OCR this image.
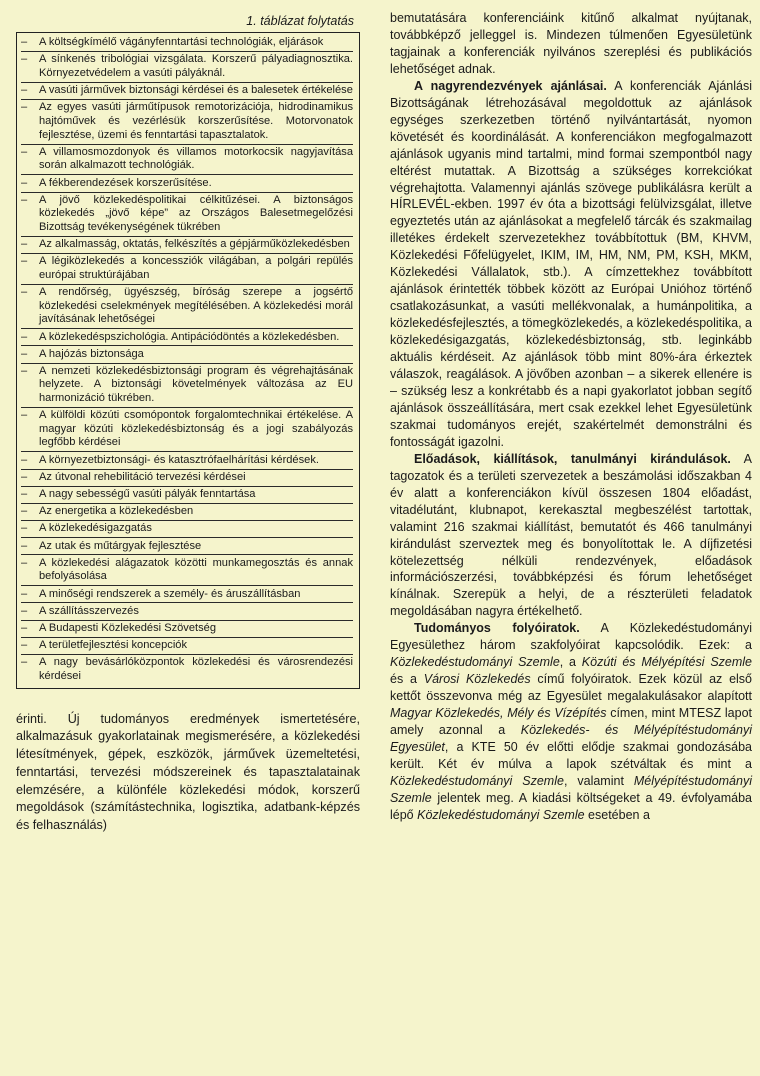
1. táblázat folytatás
–	A költségkímélő vágányfenntartási technológiák, eljárások
–	A sínkenés tribológiai vizsgálata. Korszerű pályadiagnosztika. Környezetvédelem a vasúti pályáknál.
–	A vasúti járművek biztonsági kérdései és a balesetek értékelése
–	Az egyes vasúti járműtípusok remotorizációja, hidrodinamikus hajtóművek és vezérlésük korszerűsítése. Motorvonatok fejlesztése, üzemi és fenntartási tapasztalatok.
–	A villamosmozdonyok és villamos motorkocsik nagyjavítása során alkalmazott technológiák.
–	A fékberendezések korszerűsítése.
–	A jövő közlekedéspolitikai célkitűzései. A biztonságos közlekedés „jövő képe” az Országos Balesetmegelőzési Bizottság tevékenységének tükrében
–	Az alkalmasság, oktatás, felkészítés a gépjárműközlekedésben
–	A légiközlekedés a koncessziók világában, a polgári repülés európai struktúrájában
–	A rendőrség, ügyészség, bíróság szerepe a jogsértő közlekedési cselekmények megítélésében. A közlekedési morál javításának lehetőségei
–	A közlekedéspszichológia. Antipációdöntés a közlekedésben.
–	A hajózás biztonsága
–	A nemzeti közlekedésbiztonsági program és végrehajtásának helyzete. A biztonsági követelmények változása az EU harmonizáció tükrében.
–	A külföldi közúti csomópontok forgalomtechnikai értékelése. A magyar közúti közlekedésbiztonság és a jogi szabályozás legfőbb kérdései
–	A környezetbiztonsági- és katasztrófaelhárítási kérdések.
–	Az útvonal rehebilitáció tervezési kérdései
–	A nagy sebességű vasúti pályák fenntartása
–	Az energetika a közlekedésben
–	A közlekedésigazgatás
–	Az utak és műtárgyak fejlesztése
–	A közlekedési alágazatok közötti munkamegosztás és annak befolyásolása
–	A minőségi rendszerek a személy- és áruszállításban
–	A szállításszervezés
–	A Budapesti Közlekedési Szövetség
–	A területfejlesztési koncepciók
–	A nagy bevásárlóközpontok közlekedési és városrendezési kérdései
érinti. Új tudományos eredmények ismertetésére, alkalmazásuk gyakorlatainak megismerésére, a közlekedési létesítmények, gépek, eszközök, járművek üzemeltetési, fenntartási, tervezési módszereinek és tapasztalatainak elemzésére, a különféle közlekedési módok, korszerű megoldások (számítástechnika, logisztika, adatbank-képzés és felhasználás)

bemutatására konferenciáink kitűnő alkalmat nyújtanak, továbbképző jelleggel is. Mindezen túlmenően Egyesületünk tagjainak a konferenciák nyilvános szereplési és publikációs lehetőséget adnak.

A nagyrendezvények ajánlásai. A konferenciák Ajánlási Bizottságának létrehozásával megoldottuk az ajánlások egységes szerkezetben történő nyilvántartását, nyomon követését és koordinálását. A konferenciákon megfogalmazott ajánlások ugyanis mind tartalmi, mind formai szempontból nagy eltérést mutattak. A Bizottság a szükséges korrekciókat végrehajtotta. Valamennyi ajánlás szövege publikálásra került a HÍRLEVÉL-ekben. 1997 év óta a bizottsági felülvizsgálat, illetve egyeztetés után az ajánlásokat a megfelelő tárcák és szakmailag illetékes érdekelt szervezetekhez továbbítottuk (BM, KHVM, Közlekedési Főfelügyelet, IKIM, IM, HM, NM, PM, KSH, MKM, Közlekedési Vállalatok, stb.). A címzettekhez továbbított ajánlások érintették többek között az Európai Unióhoz történő csatlakozásunkat, a vasúti mellékvonalak, a humánpolitika, a közlekedésfejlesztés, a tömegközlekedés, a közlekedéspolitika, a közlekedésigazgatás, közlekedésbiztonság, stb. leginkább aktuális kérdéseit. Az ajánlások több mint 80%-ára érkeztek válaszok, reagálások. A jövőben azonban – a sikerek ellenére is – szükség lesz a konkrétabb és a napi gyakorlatot jobban segítő ajánlások összeállítására, mert csak ezekkel lehet Egyesületünk szakmai tudományos erejét, szakértelmét demonstrálni és fontosságát igazolni.

Előadások, kiállítások, tanulmányi kirándulások. A tagozatok és a területi szervezetek a beszámolási időszakban 4 év alatt a konferenciákon kívül összesen 1804 előadást, vitadélutánt, klubnapot, kerekasztal megbeszélést tartottak, valamint 216 szakmai kiállítást, bemutatót és 466 tanulmányi kirándulást szerveztek meg és bonyolítottak le. A díjfizetési kötelezettség nélküli rendezvények, előadások információszerzési, továbbképzési és fórum lehetőséget kínálnak. Szerepük a helyi, de a részterületi feladatok megoldásában nagyra értékelhető.

Tudományos folyóiratok. A Közlekedéstudományi Egyesülethez három szakfolyóirat kapcsolódik. Ezek: a Közlekedéstudományi Szemle, a Közúti és Mélyépítési Szemle és a Városi Közlekedés című folyóiratok. Ezek közül az első kettőt összevonva még az Egyesület megalakulásakor alapított Magyar Közlekedés, Mély és Vízépítés címen, mint MTESZ lapot amely azonnal a Közlekedés- és Mélyépítéstudományi Egyesület, a KTE 50 év előtti elődje szakmai gondozásába került. Két év múlva a lapok szétváltak és mint a Közlekedéstudományi Szemle, valamint Mélyépítéstudományi Szemle jelentek meg. A kiadási költségeket a 49. évfolyamába lépő Közlekedéstudományi Szemle esetében a
